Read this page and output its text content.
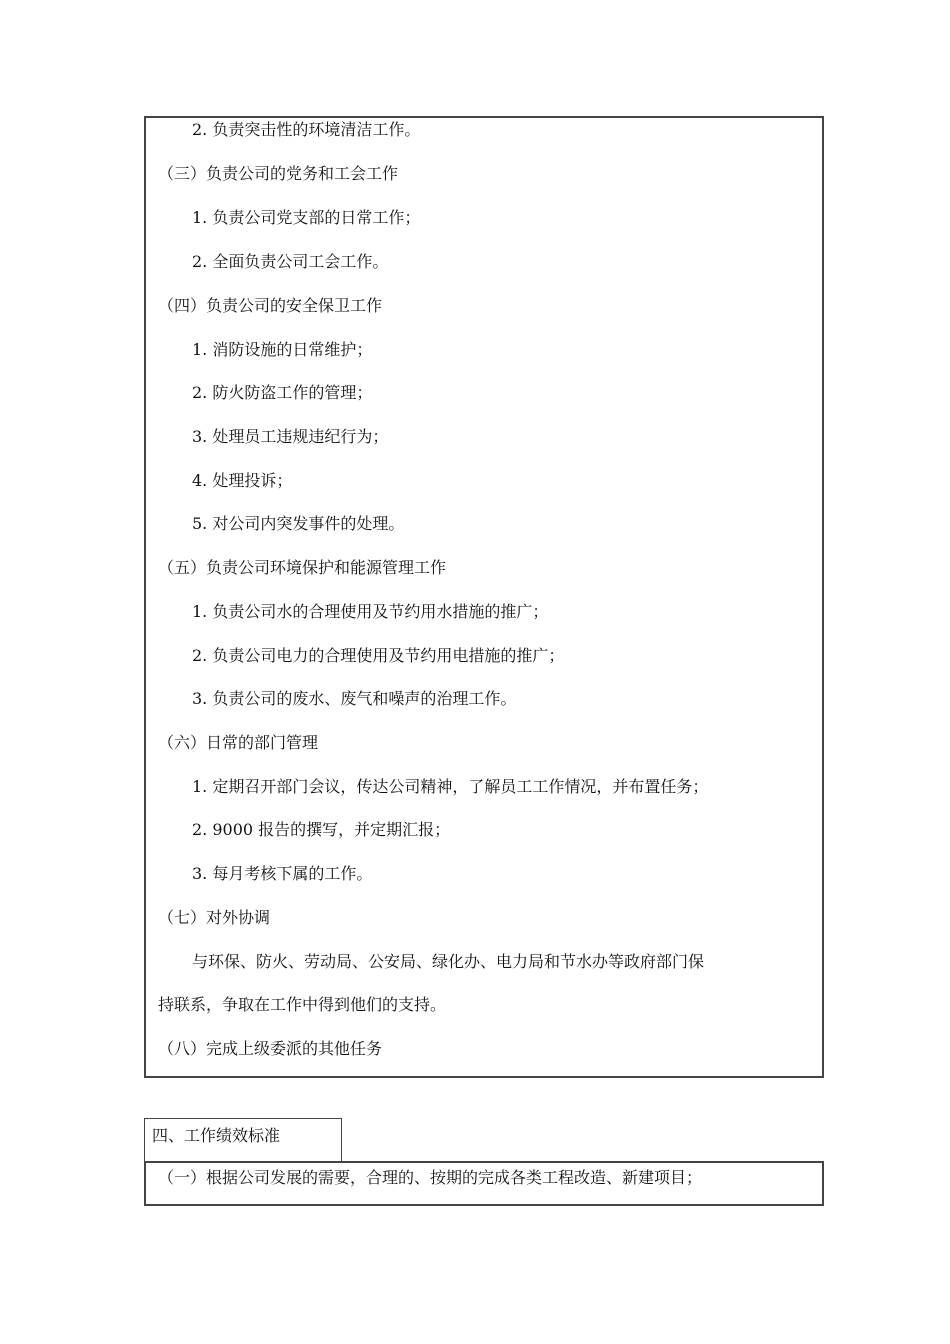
2. 负责突击性的环境清洁工作。
（三）负责公司的党务和工会工作
1. 负责公司党支部的日常工作；
2. 全面负责公司工会工作。
（四）负责公司的安全保卫工作
1. 消防设施的日常维护；
2. 防火防盗工作的管理；
3. 处理员工违规违纪行为；
4. 处理投诉；
5. 对公司内突发事件的处理。
（五）负责公司环境保护和能源管理工作
1. 负责公司水的合理使用及节约用水措施的推广；
2. 负责公司电力的合理使用及节约用电措施的推广；
3. 负责公司的废水、废气和噪声的治理工作。
（六）日常的部门管理
1. 定期召开部门会议，传达公司精神，了解员工工作情况，并布置任务；
2. 9000 报告的撰写，并定期汇报；
3. 每月考核下属的工作。
（七）对外协调
与环保、防火、劳动局、公安局、绿化办、电力局和节水办等政府部门保
持联系，争取在工作中得到他们的支持。
（八）完成上级委派的其他任务
四、工作绩效标准
（一）根据公司发展的需要，合理的、按期的完成各类工程改造、新建项目；
